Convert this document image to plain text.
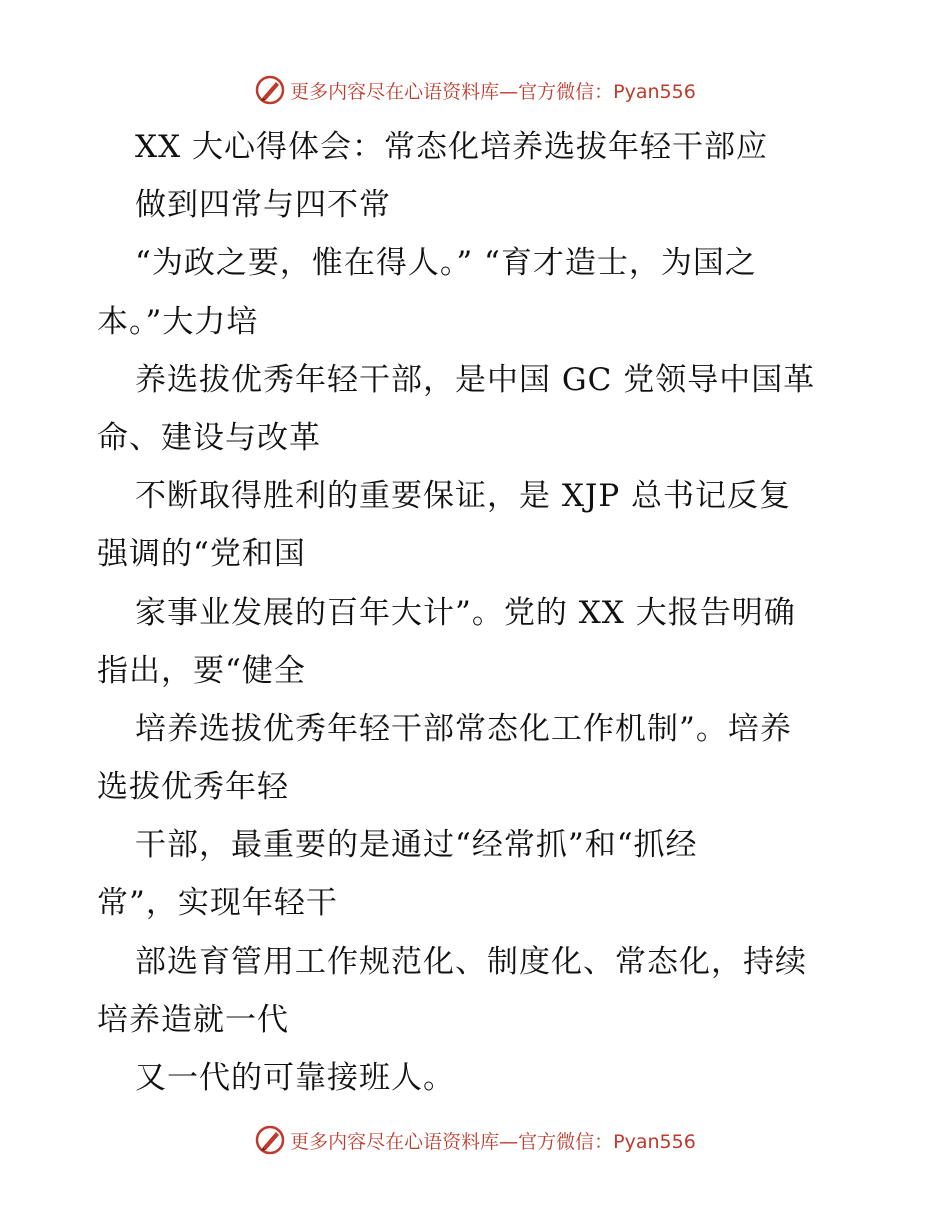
更多内容尽在心语资料库—官方微信：Pyan556
XX 大心得体会：常态化培养选拔年轻干部应
做到四常与四不常
“为政之要，惟在得人。” “育才造士，为国之
本。”大力培
养选拔优秀年轻干部，是中国 GC 党领导中国革
命、建设与改革
不断取得胜利的重要保证，是 XJP 总书记反复
强调的“党和国
家事业发展的百年大计”。党的 XX 大报告明确
指出，要“健全
培养选拔优秀年轻干部常态化工作机制”。培养
选拔优秀年轻
干部，最重要的是通过“经常抓”和“抓经
常”，实现年轻干
部选育管用工作规范化、制度化、常态化，持续
培养造就一代
又一代的可靠接班人。
更多内容尽在心语资料库—官方微信：Pyan556
